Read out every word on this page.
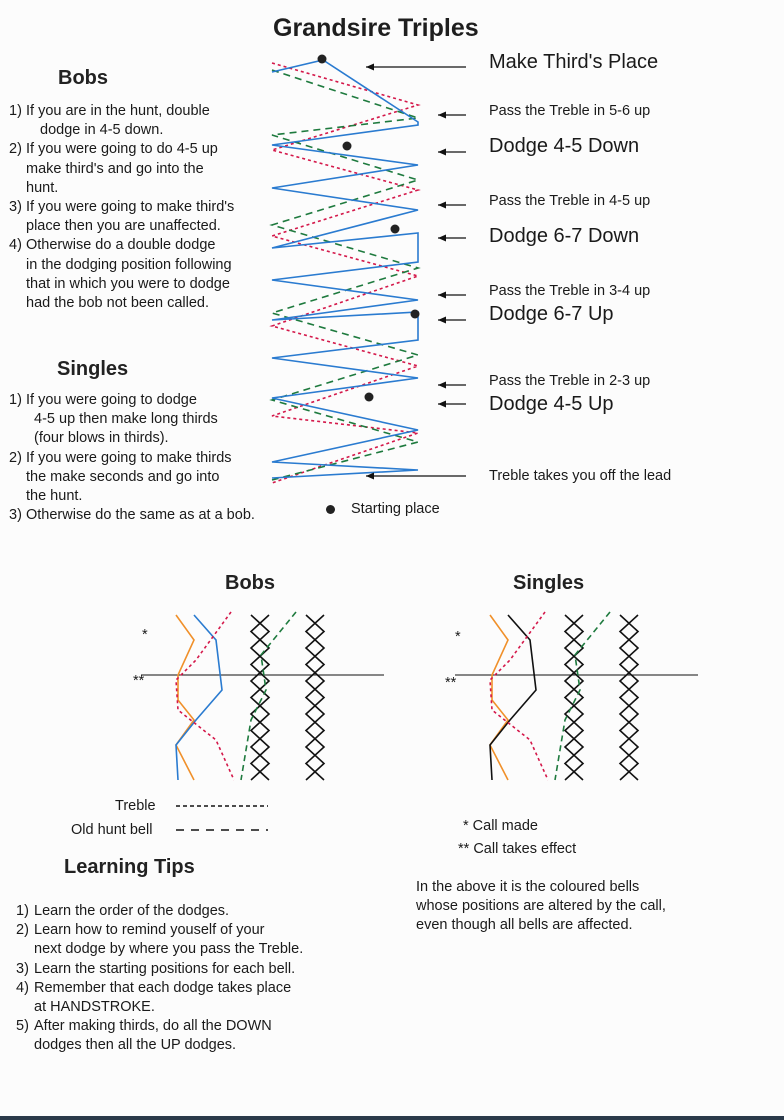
Grandsire Triples
Bobs
1) If you are in the hunt, double
dodge in 4-5 down.
2) If you were going to do 4-5 up
make third's and go into the
hunt.
3) If you were going to make third's
place then you are unaffected.
4) Otherwise do a double dodge
in the dodging position following
that in which you were to dodge
had the bob not been called.
Singles
1) If you were going to dodge
4-5 up then make long thirds
(four blows in thirds).
2) If you were going to make thirds
the make seconds and go into
the hunt.
3) Otherwise do the same as at a bob.
Make Third's Place
Pass the Treble in 5-6 up
Dodge 4-5 Down
Pass the Treble in 4-5 up
Dodge 6-7 Down
Pass the Treble in 3-4 up
Dodge 6-7 Up
Pass the Treble in 2-3 up
Dodge 4-5 Up
Treble takes you off the lead
Starting place
Bobs	Singles
*
**
*
**
Treble
Old hunt bell	* Call made
** Call takes effect
In the above it is the coloured bells
whose positions are altered by the call,
even though all bells are affected.
Learning Tips
1) Learn the order of the dodges.
2) Learn how to remind youself of your
next dodge by where you pass the Treble.
3) Learn the starting positions for each bell.
4) Remember that each dodge takes place
at HANDSTROKE.
5) After making thirds, do all the DOWN
dodges then all the UP dodges.
